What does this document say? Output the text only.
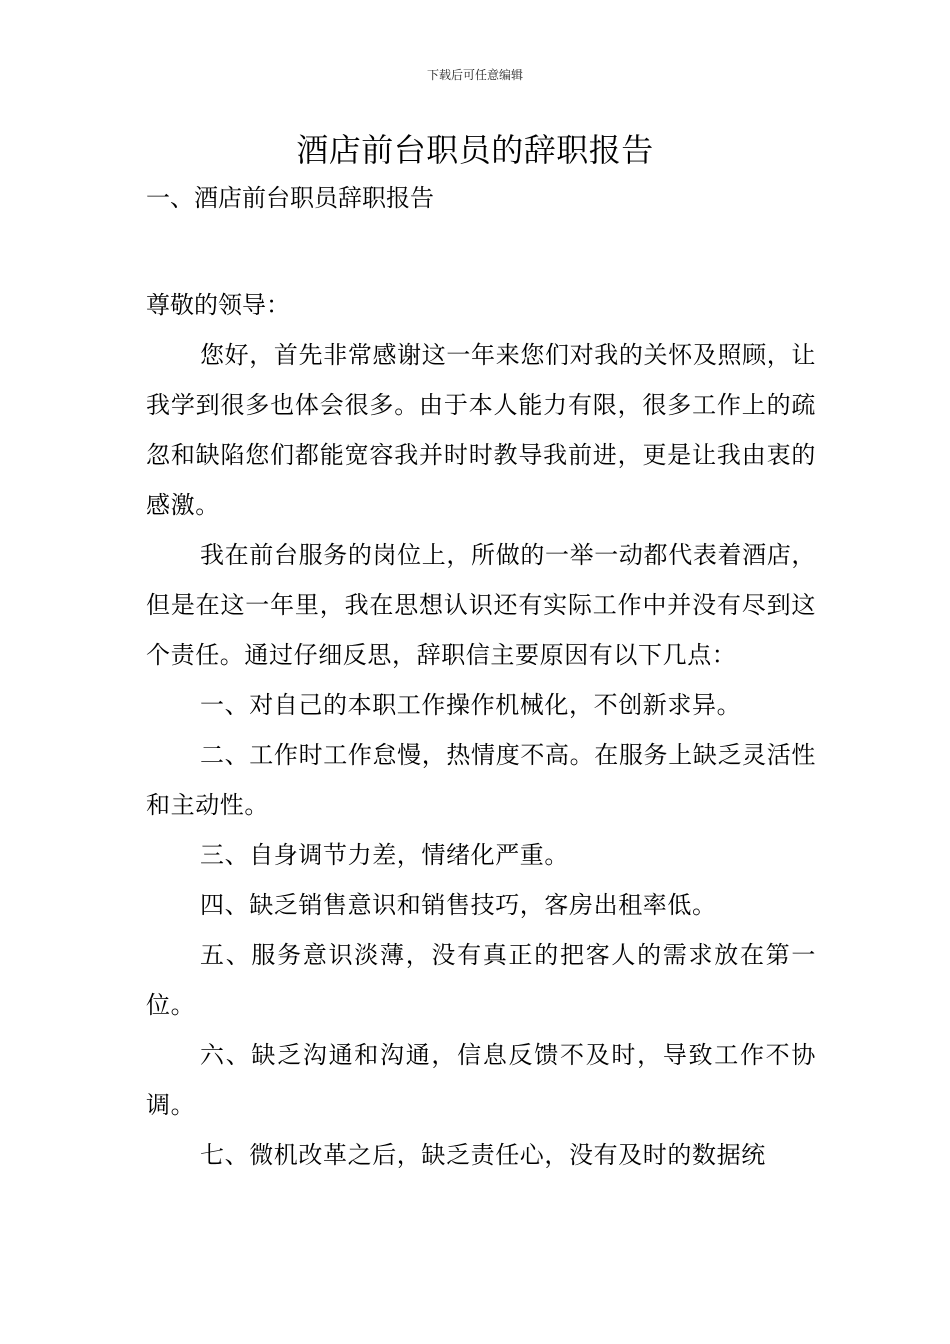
下载后可任意编辑
酒店前台职员的辞职报告
一、酒店前台职员辞职报告

尊敬的领导：

您好，首先非常感谢这一年来您们对我的关怀及照顾，让我学到很多也体会很多。由于本人能力有限，很多工作上的疏忽和缺陷您们都能宽容我并时时教导我前进，更是让我由衷的感激。

我在前台服务的岗位上，所做的一举一动都代表着酒店，但是在这一年里，我在思想认识还有实际工作中并没有尽到这个责任。通过仔细反思，辞职信主要原因有以下几点：

一、对自己的本职工作操作机械化，不创新求异。

二、工作时工作怠慢，热情度不高。在服务上缺乏灵活性和主动性。

三、自身调节力差，情绪化严重。

四、缺乏销售意识和销售技巧，客房出租率低。

五、服务意识淡薄，没有真正的把客人的需求放在第一位。

六、缺乏沟通和沟通，信息反馈不及时，导致工作不协调。

七、微机改革之后，缺乏责任心，没有及时的数据统
